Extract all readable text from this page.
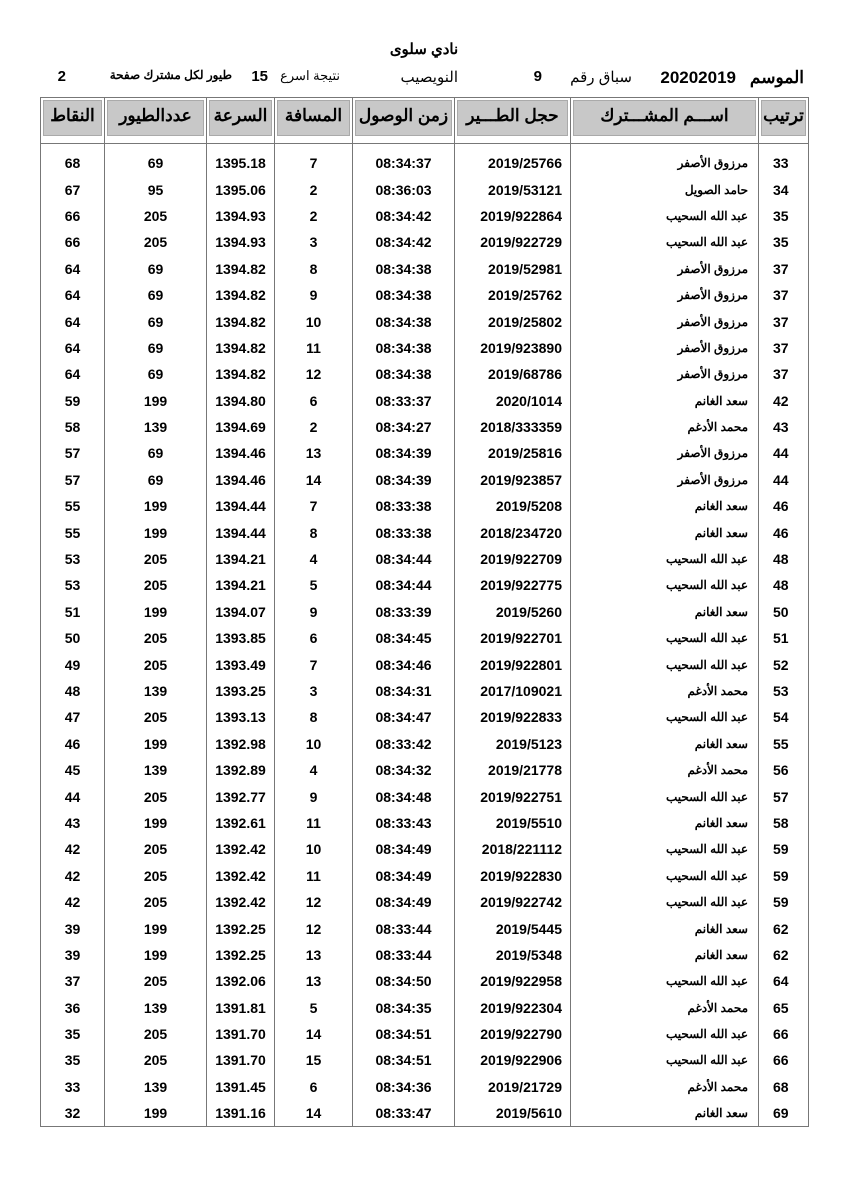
نادي سلوى
الموسم
20202019
سباق رقم
9
النويصيب
نتيجة اسرع
15
طيور لكل مشترك صفحة
2
ترتيب	اســـم المشـــترك	حجل الطـــير	زمن الوصول	المسافة	السرعة	عددالطيور	النقاط

33	مرزوق الأصفر	2019/25766	08:34:37	7	1395.18	69	68
34	حامد الصويل	2019/53121	08:36:03	2	1395.06	95	67
35	عبد الله السحيب	2019/922864	08:34:42	2	1394.93	205	66
35	عبد الله السحيب	2019/922729	08:34:42	3	1394.93	205	66
37	مرزوق الأصفر	2019/52981	08:34:38	8	1394.82	69	64
37	مرزوق الأصفر	2019/25762	08:34:38	9	1394.82	69	64
37	مرزوق الأصفر	2019/25802	08:34:38	10	1394.82	69	64
37	مرزوق الأصفر	2019/923890	08:34:38	11	1394.82	69	64
37	مرزوق الأصفر	2019/68786	08:34:38	12	1394.82	69	64
42	سعد الغانم	2020/1014	08:33:37	6	1394.80	199	59
43	محمد الأدغم	2018/333359	08:34:27	2	1394.69	139	58
44	مرزوق الأصفر	2019/25816	08:34:39	13	1394.46	69	57
44	مرزوق الأصفر	2019/923857	08:34:39	14	1394.46	69	57
46	سعد الغانم	2019/5208	08:33:38	7	1394.44	199	55
46	سعد الغانم	2018/234720	08:33:38	8	1394.44	199	55
48	عبد الله السحيب	2019/922709	08:34:44	4	1394.21	205	53
48	عبد الله السحيب	2019/922775	08:34:44	5	1394.21	205	53
50	سعد الغانم	2019/5260	08:33:39	9	1394.07	199	51
51	عبد الله السحيب	2019/922701	08:34:45	6	1393.85	205	50
52	عبد الله السحيب	2019/922801	08:34:46	7	1393.49	205	49
53	محمد الأدغم	2017/109021	08:34:31	3	1393.25	139	48
54	عبد الله السحيب	2019/922833	08:34:47	8	1393.13	205	47
55	سعد الغانم	2019/5123	08:33:42	10	1392.98	199	46
56	محمد الأدغم	2019/21778	08:34:32	4	1392.89	139	45
57	عبد الله السحيب	2019/922751	08:34:48	9	1392.77	205	44
58	سعد الغانم	2019/5510	08:33:43	11	1392.61	199	43
59	عبد الله السحيب	2018/221112	08:34:49	10	1392.42	205	42
59	عبد الله السحيب	2019/922830	08:34:49	11	1392.42	205	42
59	عبد الله السحيب	2019/922742	08:34:49	12	1392.42	205	42
62	سعد الغانم	2019/5445	08:33:44	12	1392.25	199	39
62	سعد الغانم	2019/5348	08:33:44	13	1392.25	199	39
64	عبد الله السحيب	2019/922958	08:34:50	13	1392.06	205	37
65	محمد الأدغم	2019/922304	08:34:35	5	1391.81	139	36
66	عبد الله السحيب	2019/922790	08:34:51	14	1391.70	205	35
66	عبد الله السحيب	2019/922906	08:34:51	15	1391.70	205	35
68	محمد الأدغم	2019/21729	08:34:36	6	1391.45	139	33
69	سعد الغانم	2019/5610	08:33:47	14	1391.16	199	32
